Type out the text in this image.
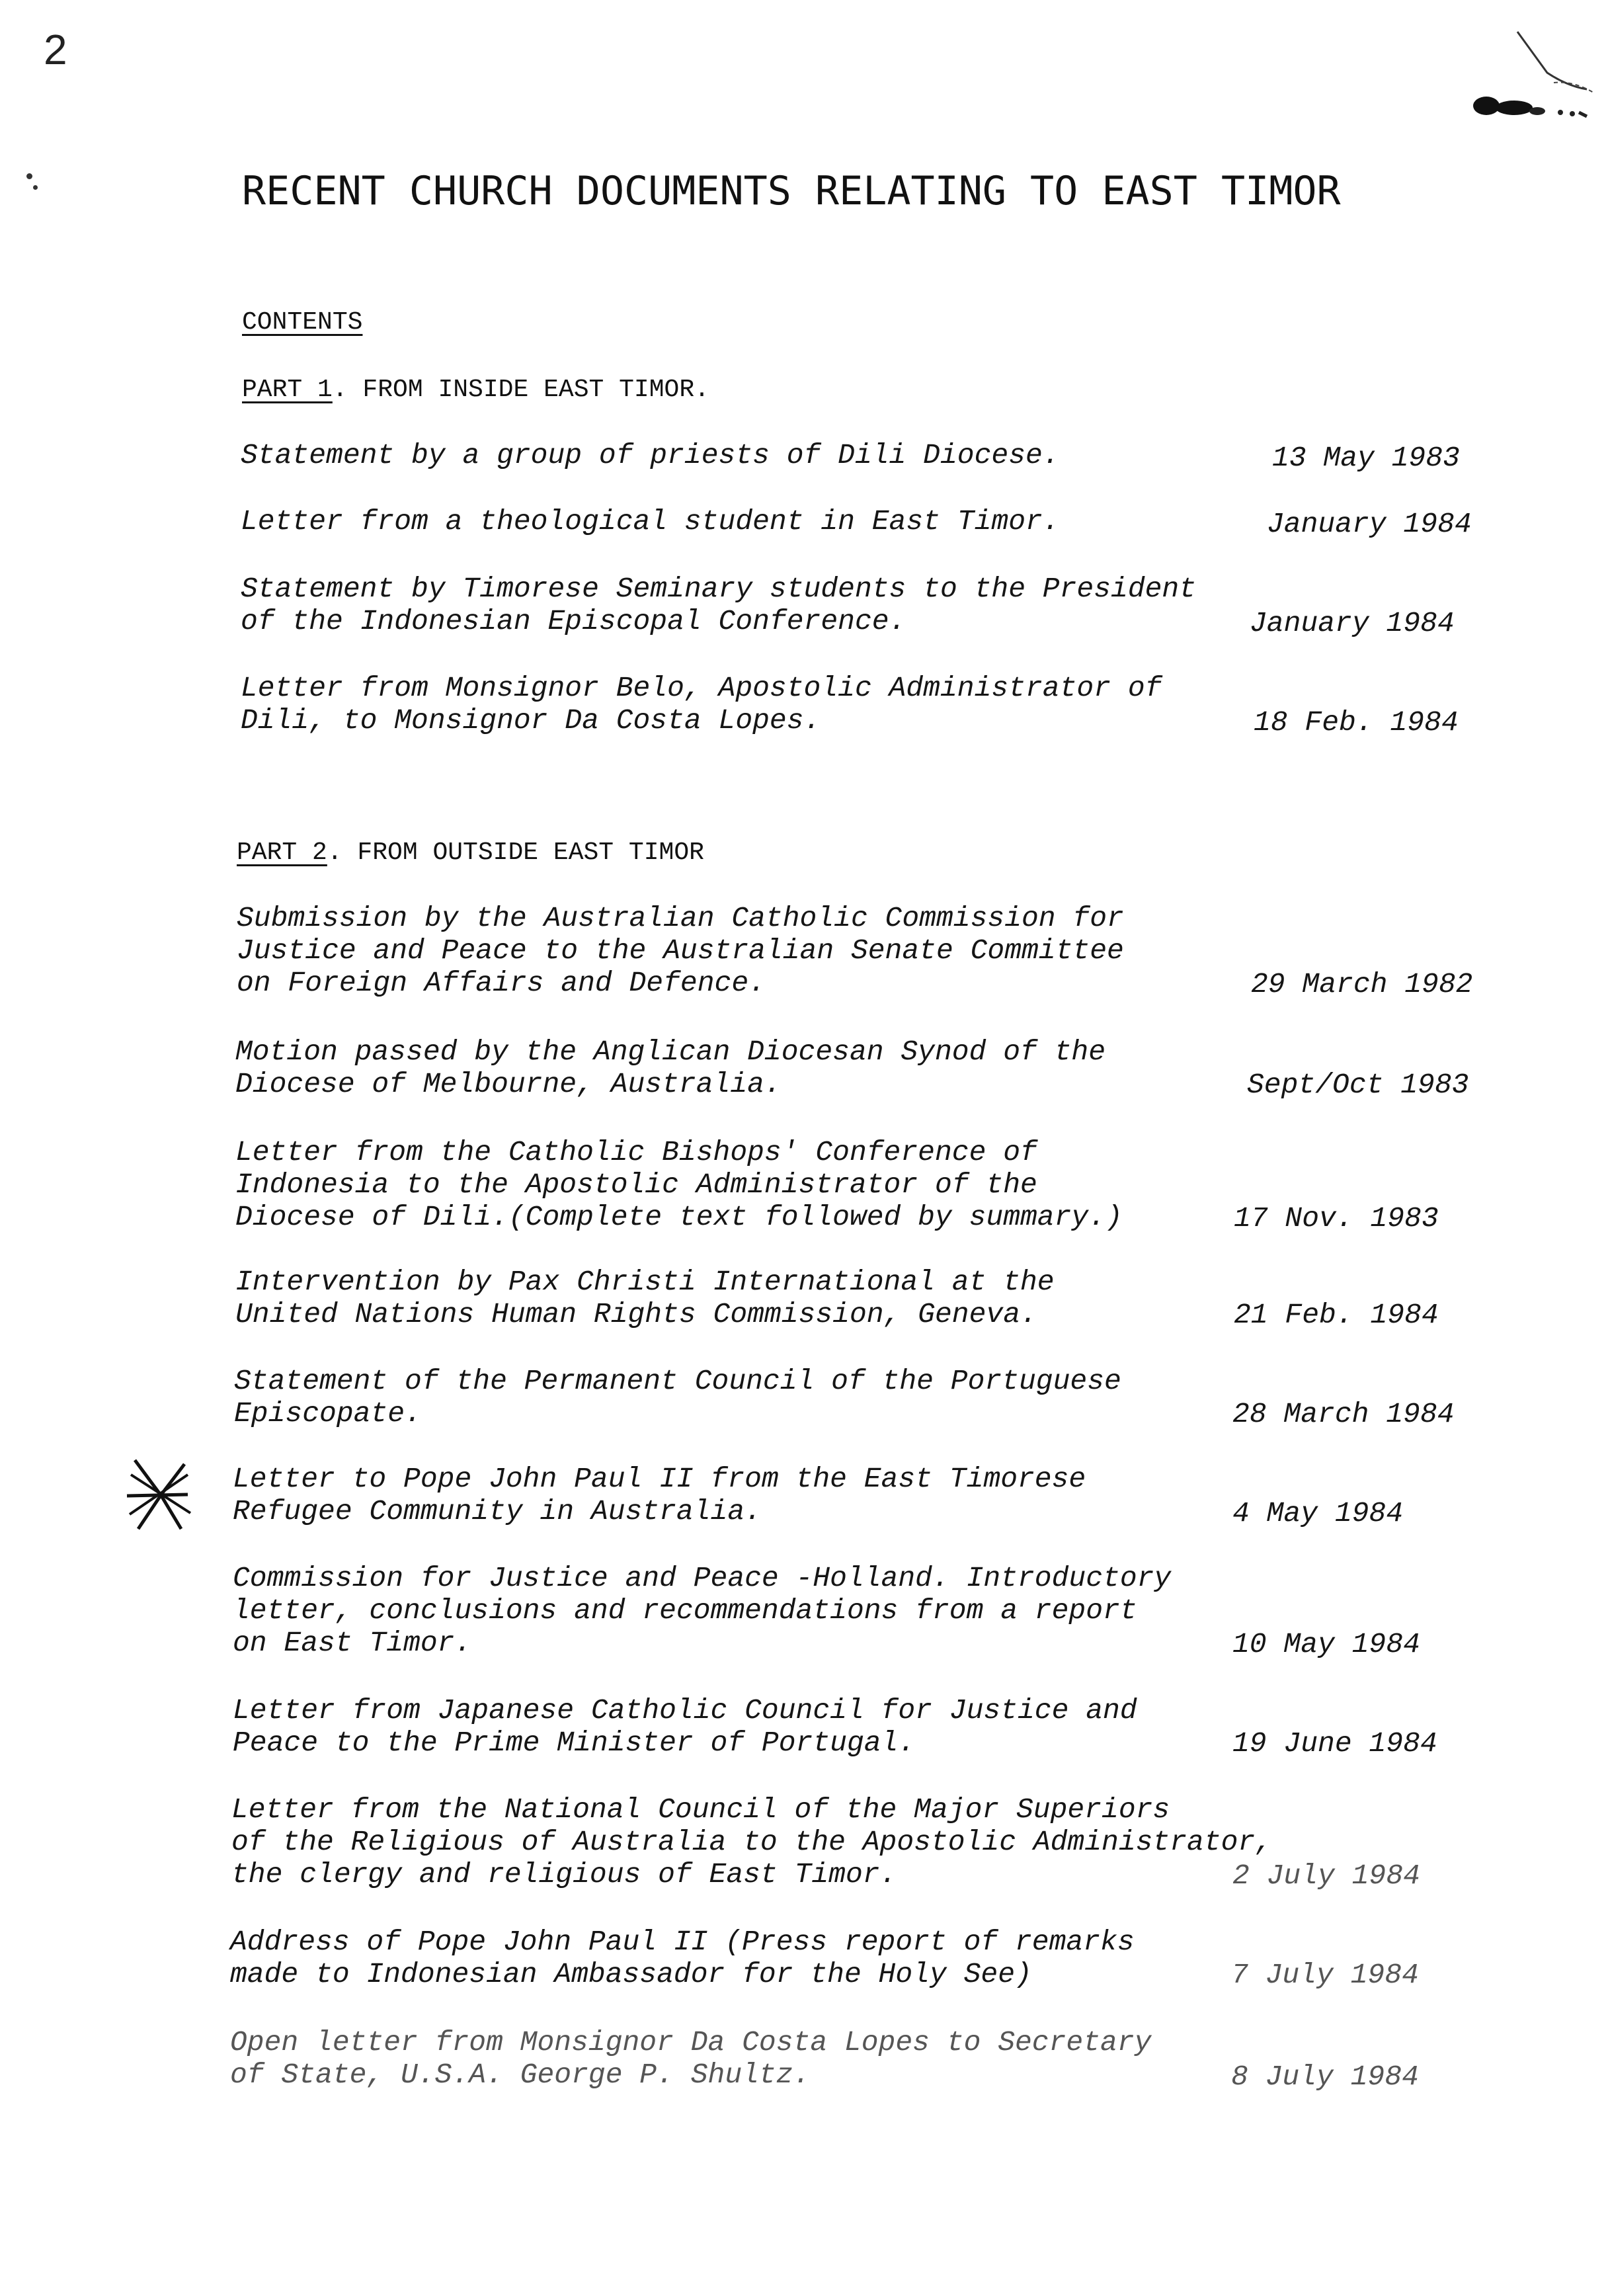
2
RECENT CHURCH DOCUMENTS RELATING TO EAST TIMOR
CONTENTS
PART 1. FROM INSIDE EAST TIMOR.
Statement by a group of priests of Dili Diocese.	13 May 1983
Letter from a theological student in East Timor.	January 1984
Statement by Timorese Seminary students to the President
of the Indonesian Episcopal Conference.	January 1984
Letter from Monsignor Belo, Apostolic Administrator of
Dili, to Monsignor Da Costa Lopes.	18 Feb. 1984
PART 2. FROM OUTSIDE EAST TIMOR
Submission by the Australian Catholic Commission for
Justice and Peace to the Australian Senate Committee
on Foreign Affairs and Defence.	29 March 1982
Motion passed by the Anglican Diocesan Synod of the
Diocese of Melbourne, Australia.	Sept/Oct 1983
Letter from the Catholic Bishops' Conference of
Indonesia to the Apostolic Administrator of the
Diocese of Dili.(Complete text followed by summary.)	17 Nov. 1983
Intervention by Pax Christi International at the
United Nations Human Rights Commission, Geneva.	21 Feb. 1984
Statement of the Permanent Council of the Portuguese
Episcopate.	28 March 1984
Letter to Pope John Paul II from the East Timorese
Refugee Community in Australia.	4 May 1984
Commission for Justice and Peace -Holland. Introductory
letter, conclusions and recommendations from a report
on East Timor.	10 May 1984
Letter from Japanese Catholic Council for Justice and
Peace to the Prime Minister of Portugal.	19 June 1984
Letter from the National Council of the Major Superiors
of the Religious of Australia to the Apostolic Administrator,
the clergy and religious of East Timor.	2 July 1984
Address of Pope John Paul II (Press report of remarks
made to Indonesian Ambassador for the Holy See)	7 July 1984
Open letter from Monsignor Da Costa Lopes to Secretary
of State, U.S.A. George P. Shultz.	8 July 1984
